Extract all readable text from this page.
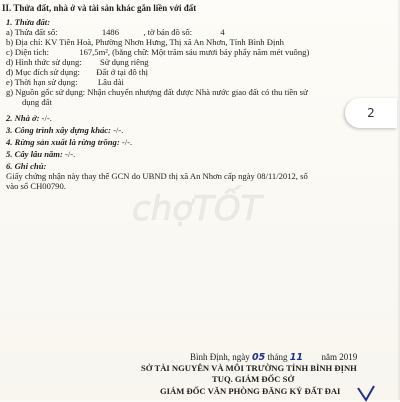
II. Thửa đất, nhà ở và tài sản khác gắn liền với đất
1. Thửa đất:
a) Thửa đất số:	1486	, tờ bản đồ số:	4
b) Địa chỉ: KV Tiên Hoà, Phường Nhơn Hưng, Thị xã An Nhơn, Tỉnh Bình Định
c) Diện tích:	167,5m², (bằng chữ: Một trăm sáu mươi bảy phẩy năm mét vuông)
d) Hình thức sử dụng: Sử dụng riêng
đ) Mục đích sử dụng: Đất ở tại đô thị
e) Thời hạn sử dụng: Lâu dài
g) Nguồn gốc sử dụng: Nhận chuyển nhượng đất được Nhà nước giao đất có thu tiền sử
dụng đất
2. Nhà ở: -/-.
3. Công trình xây dựng khác: -/-.
4. Rừng sản xuất là rừng trồng: -/-.
5. Cây lâu năm: -/-.
6. Ghi chú:
Giấy chứng nhận này thay thế GCN do UBND thị xã An Nhơn cấp ngày 08/11/2012, số
vào sổ CH00790.
chợTỐT
Bình Định, ngày 05 tháng 11 năm 2019
SỞ TÀI NGUYÊN VÀ MÔI TRƯỜNG TỈNH BÌNH ĐỊNH
TUQ. GIÁM ĐỐC SỞ
GIÁM ĐỐC VĂN PHÒNG ĐĂNG KÝ ĐẤT ĐAI
2
